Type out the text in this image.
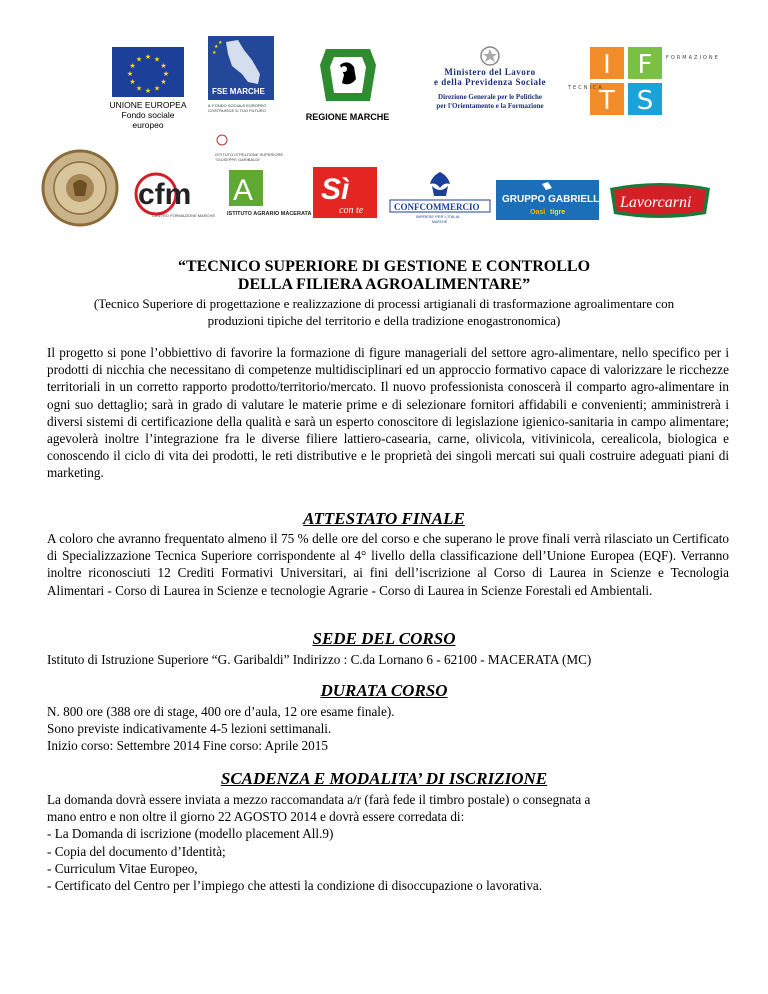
★ ★
★
★
★
★
★
★
★
★
★
★
UNIONE EUROPEA
Fondo sociale europeo
★
★
★
FSE MARCHE
IL FONDO SOCIALE EUROPEO
COSTRUISCE IL TUO FUTURO
REGIONE MARCHE
Ministero del Lavoro
e della Previdenza Sociale
Direzione Generale per le Politiche
per l'Orientamento e la Formazione
I F
T S
FORMAZIONE
TECNICA
ISTITUTO ISTRUZIONE SUPERIORE
"GIUSEPPE GARIBALDI"
cfm
CENTRO FORMAZIONE MARCHE
A
ISTITUTO AGRARIO MACERATA
Sì
con te	CONFCOMMERCIO
IMPRESE PER L'ITALIA
MARCHE
GRUPPO GABRIELLI
Oasi tigre
Lavorcarni
“TECNICO SUPERIORE DI GESTIONE E CONTROLLO
DELLA FILIERA AGROALIMENTARE”
(Tecnico Superiore di progettazione e realizzazione di processi artigianali di trasformazione agroalimentare con produzioni tipiche del territorio e della tradizione enogastronomica)

Il progetto si pone l’obbiettivo di favorire la formazione di figure manageriali del settore agro-alimentare, nello specifico per i prodotti di nicchia che necessitano di competenze multidisciplinari ed un approccio formativo capace di valorizzare le ricchezze territoriali in un corretto rapporto prodotto/territorio/mercato. Il nuovo professionista conoscerà il comparto agro-alimentare in ogni suo dettaglio; sarà in grado di valutare le materie prime e di selezionare fornitori affidabili e convenienti; amministrerà i diversi sistemi di certificazione della qualità e sarà un esperto conoscitore di legislazione igienico-sanitaria in campo alimentare; agevolerà inoltre l’integrazione fra le diverse filiere lattiero-casearia, carne, olivicola, vitivinicola, cerealicola, biologica e conoscendo il ciclo di vita dei prodotti, le reti distributive e le proprietà dei singoli mercati sui quali costruire adeguati piani di marketing.

ATTESTATO FINALE

A coloro che avranno frequentato almeno il 75 % delle ore del corso e che superano le prove finali verrà rilasciato un Certificato di Specializzazione Tecnica Superiore corrispondente al 4° livello della classificazione dell’Unione Europea (EQF). Verranno inoltre riconosciuti 12 Crediti Formativi Universitari, ai fini dell’iscrizione al Corso di Laurea in Scienze e Tecnologia Alimentari - Corso di Laurea in Scienze e tecnologie Agrarie - Corso di Laurea in Scienze Forestali ed Ambientali.

SEDE DEL CORSO
Istituto di Istruzione Superiore “G. Garibaldi” Indirizzo : C.da Lornano 6 - 62100 - MACERATA (MC)
DURATA CORSO
N. 800 ore (388 ore di stage, 400 ore d’aula, 12 ore esame finale).
Sono previste indicativamente 4-5 lezioni settimanali.
Inizio corso: Settembre 2014 Fine corso: Aprile 2015
SCADENZA E MODALITA’ DI ISCRIZIONE
La domanda dovrà essere inviata a mezzo raccomandata a/r (farà fede il timbro postale) o consegnata a
mano entro e non oltre il giorno 22 AGOSTO 2014 e dovrà essere corredata di:
- La Domanda di iscrizione (modello placement All.9)
- Copia del documento d’Identità;
- Curriculum Vitae Europeo,
- Certificato del Centro per l’impiego che attesti la condizione di disoccupazione o lavorativa.
